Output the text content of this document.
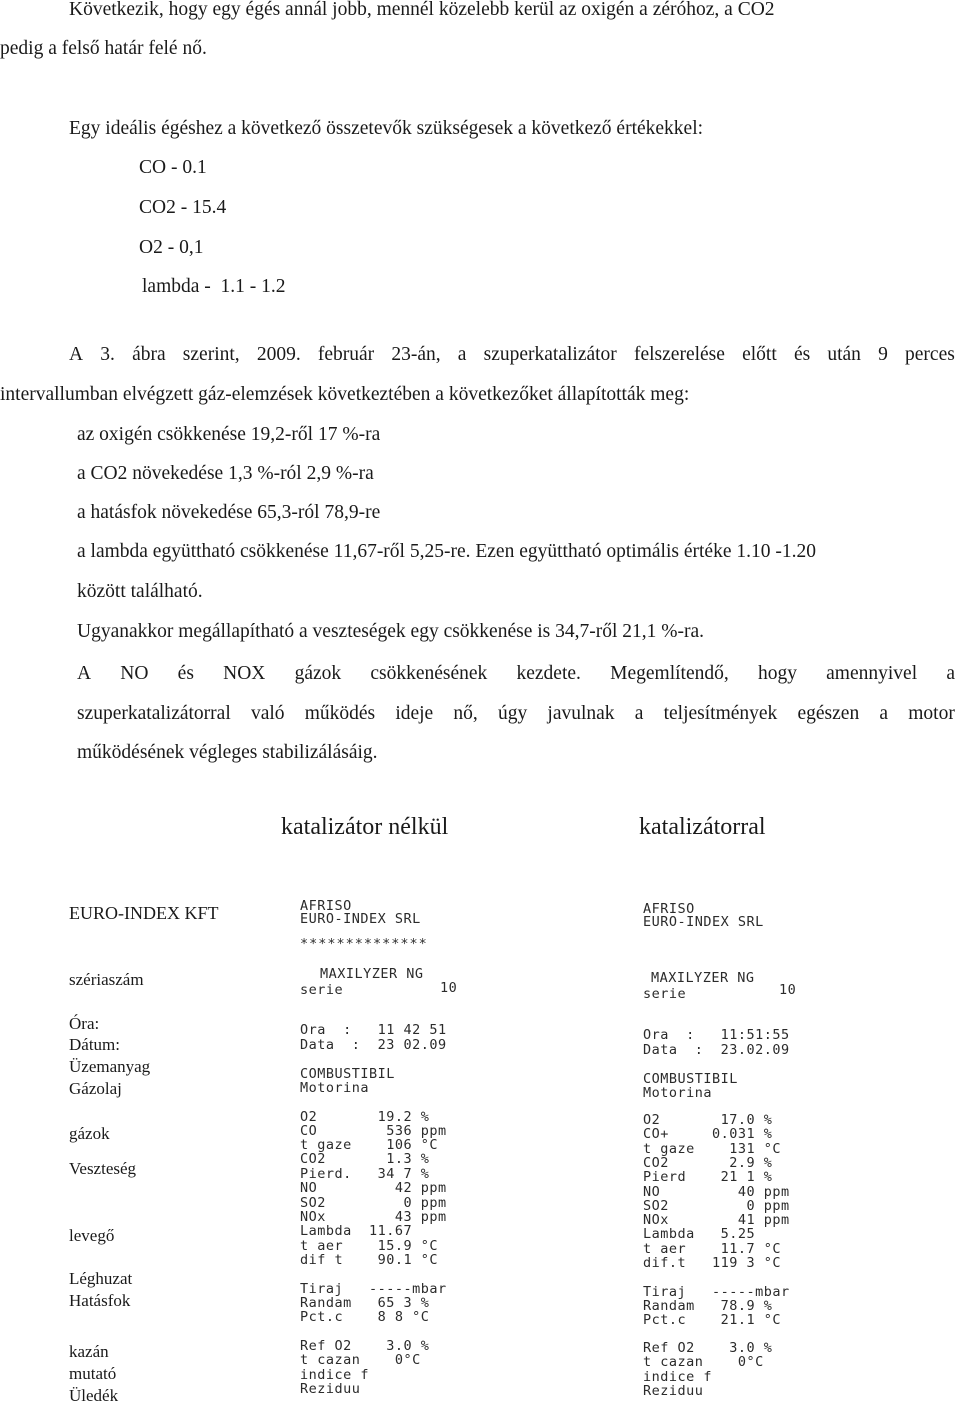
Következik, hogy egy égés annál jobb, mennél közelebb kerül az oxigén a zéróhoz, a CO2
pedig a felső határ felé nő.
Egy ideális égéshez a következő összetevők szükségesek a következő értékekkel:
CO - 0.1
CO2 - 15.4
O2 - 0,1
lambda -  1.1 - 1.2
A 3. ábra szerint, 2009. február 23-án, a szuperkatalizátor felszerelése előtt és után 9 perces
intervallumban elvégzett gáz-elemzések következtében a következőket állapították meg:
az oxigén csökkenése 19,2-ről 17 %-ra
a CO2 növekedése 1,3 %-ról 2,9 %-ra
a hatásfok növekedése 65,3-ról 78,9-re
a lambda együttható csökkenése 11,67-ről 5,25-re. Ezen együttható optimális értéke 1.10 -1.20
között található.
Ugyanakkor megállapítható a veszteségek egy csökkenése is 34,7-ről 21,1 %-ra.
A NO és NOX gázok csökkenésének kezdete. Megemlítendő, hogy amennyivel a
szuperkatalizátorral való működés ideje nő, úgy javulnak a teljesítmények egészen a motor
működésének végleges stabilizálásáig.
katalizátor nélkül	katalizátorral
EURO-INDEX KFT
szériaszám
Óra:
Dátum:
Üzemanyag
Gázolaj
gázok
Veszteség
levegő
Léghuzat
Hatásfok
kazán
mutató
Üledék
AFRISO
EURO-INDEX SRL
**************
MAXILYZER NG
serie	10
Ora  :   11 42 51
Data  :  23 02.09
COMBUSTIBIL
Motorina
O2       19.2 %
CO        536 ppm
t gaze    106 °C
CO2       1.3 %
Pierd.   34 7 %
NO         42 ppm
SO2         0 ppm
NOx        43 ppm
Lambda  11.67
t aer    15.9 °C
dif t    90.1 °C
Tiraj   -----mbar
Randam   65 3 %
Pct.c    8 8 °C
Ref O2    3.0 %
t cazan    0°C
indice f
Reziduu
AFRISO
EURO-INDEX SRL
MAXILYZER NG
serie	10
Ora  :   11:51:55
Data  :  23.02.09
COMBUSTIBIL
Motorina
O2       17.0 %
CO+     0.031 %
t gaze    131 °C
CO2       2.9 %
Pierd    21 1 %
NO         40 ppm
SO2         0 ppm
NOx        41 ppm
Lambda   5.25
t aer    11.7 °C
dif.t   119 3 °C
Tiraj   -----mbar
Randam   78.9 %
Pct.c    21.1 °C
Ref O2    3.0 %
t cazan    0°C
indice f
Reziduu
